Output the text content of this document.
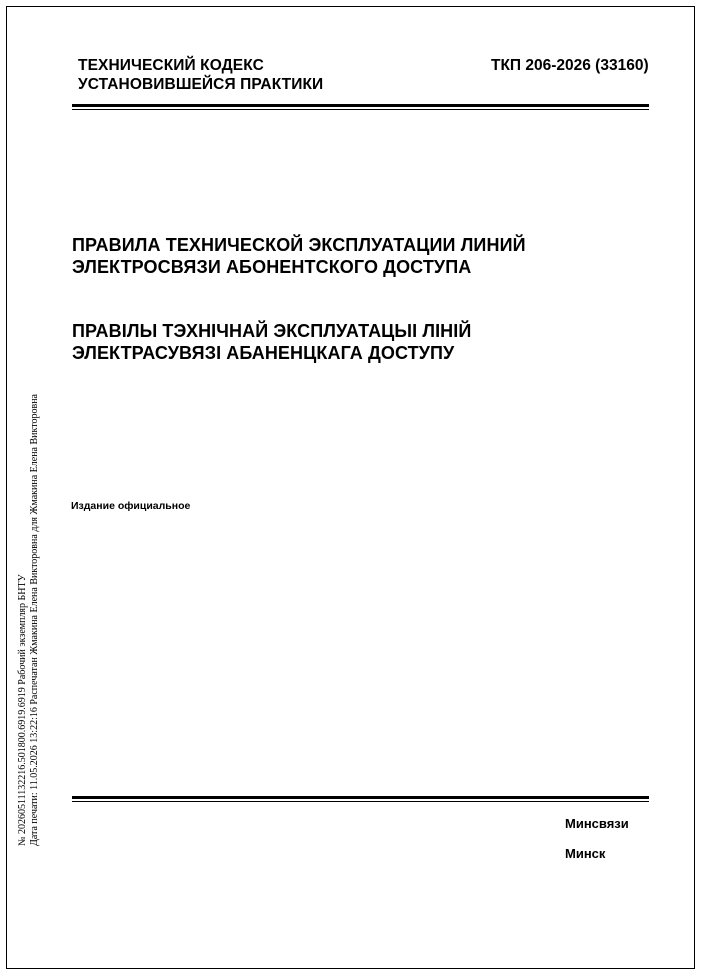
ТЕХНИЧЕСКИЙ КОДЕКС
УСТАНОВИВШЕЙСЯ ПРАКТИКИ
ТКП 206-2026 (33160)
ПРАВИЛА ТЕХНИЧЕСКОЙ ЭКСПЛУАТАЦИИ ЛИНИЙ
ЭЛЕКТРОСВЯЗИ АБОНЕНТСКОГО ДОСТУПА
ПРАВІЛЫ ТЭХНІЧНАЙ ЭКСПЛУАТАЦЫІ ЛІНІЙ
ЭЛЕКТРАСУВЯЗІ АБАНЕНЦКАГА ДОСТУПУ
Издание официальное
Минсвязи
Минск
№ 20260511132216.501800.6919.6919 Рабочий экземпляр БНТУ Дата печати: 11.05.2026 13:22:16 Распечатан Жмакина Елена Викторовна для Жмакина Елена Викторовна
